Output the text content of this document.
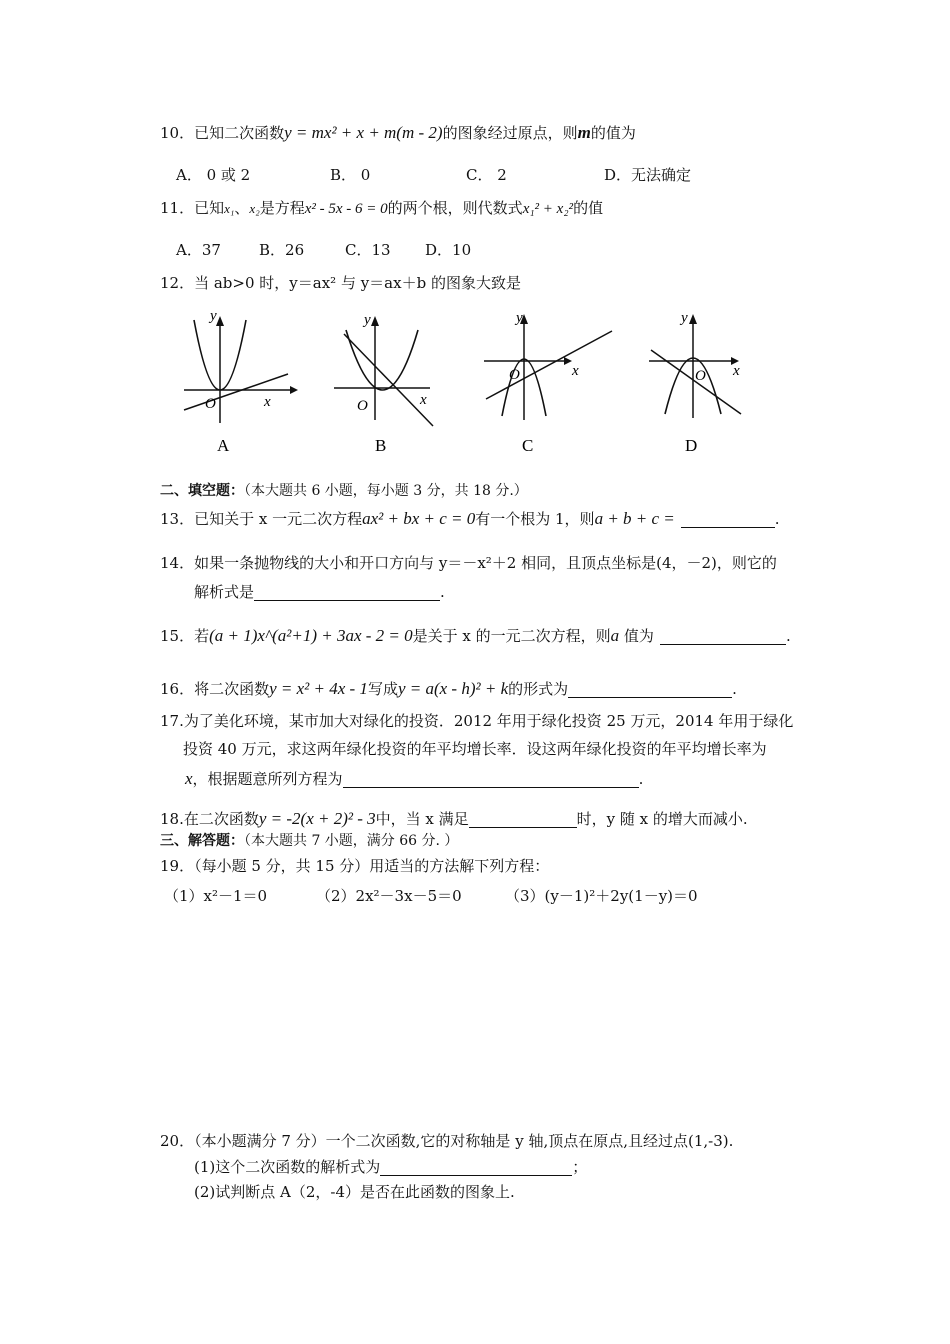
10．已知二次函数y = mx² + x + m(m - 2)的图象经过原点，则m的值为
A． 0 或 2	B． 0	C． 2	D．无法确定
11．已知x₁、x₂是方程x² - 5x - 6 = 0的两个根，则代数式x₁² + x₂²的值
A．37	B．26	C．13 D．10
12．当 ab>0 时，y＝ax² 与 y＝ax＋b 的图象大致是
y
x
O
A
y
x
O
B
y
x
O
C
y
x
O
D
二、填空题：（本大题共 6 小题，每小题 3 分，共 18 分.）
13．已知关于 x 一元二次方程ax² + bx + c = 0有一个根为 1，则a + b + c =	.
14．如果一条抛物线的大小和开口方向与 y＝－x²＋2 相同，且顶点坐标是(4，－2)，则它的
解析式是	.
15．若(a + 1)x^(a²+1) + 3ax - 2 = 0是关于 x 的一元二次方程，则a 值为	.
16．将二次函数y = x² + 4x - 1写成y = a(x - h)² + k的形式为	.
17.为了美化环境，某市加大对绿化的投资．2012 年用于绿化投资 25 万元，2014 年用于绿化
投资 40 万元，求这两年绿化投资的年平均增长率．设这两年绿化投资的年平均增长率为
x，根据题意所列方程为	.
18.在二次函数y = -2(x + 2)² - 3中，当 x 满足	时，y 随 x 的增大而减小.
三、解答题：（本大题共 7 小题，满分 66 分. ）
19．（每小题 5 分，共 15 分）用适当的方法解下列方程：
（1）x²－1＝0	（2）2x²－3x－5＝0	（3）(y－1)²＋2y(1－y)＝0
20．（本小题满分 7 分）一个二次函数,它的对称轴是 y 轴,顶点在原点,且经过点(1,-3).
(1)这个二次函数的解析式为	；
(2)试判断点 A（2，-4）是否在此函数的图象上.
